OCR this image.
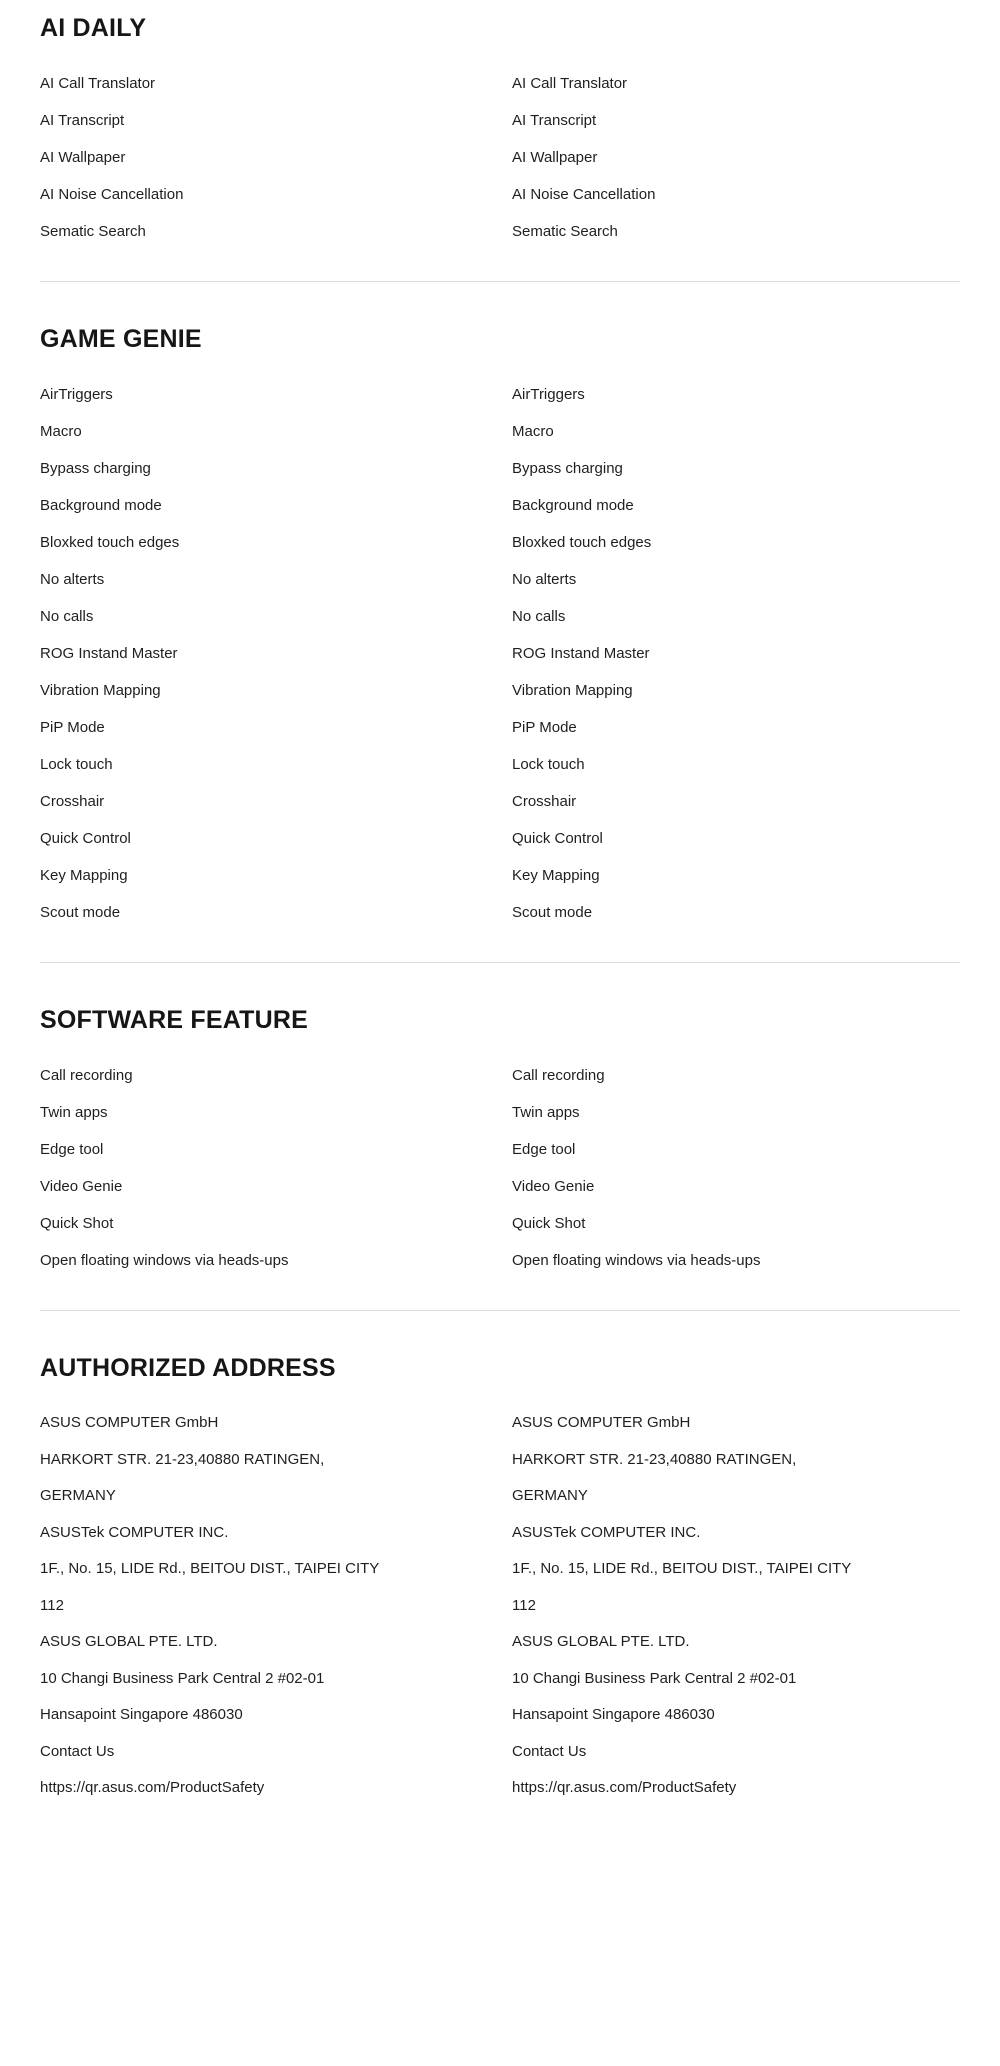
AI DAILY
AI Call Translator
AI Transcript
AI Wallpaper
AI Noise Cancellation
Sematic Search
AI Call Translator
AI Transcript
AI Wallpaper
AI Noise Cancellation
Sematic Search
GAME GENIE
AirTriggers
Macro
Bypass charging
Background mode
Bloxked touch edges
No alterts
No calls
ROG Instand Master
Vibration Mapping
PiP Mode
Lock touch
Crosshair
Quick Control
Key Mapping
Scout mode
AirTriggers
Macro
Bypass charging
Background mode
Bloxked touch edges
No alterts
No calls
ROG Instand Master
Vibration Mapping
PiP Mode
Lock touch
Crosshair
Quick Control
Key Mapping
Scout mode
SOFTWARE FEATURE
Call recording
Twin apps
Edge tool
Video Genie
Quick Shot
Open floating windows via heads-ups
Call recording
Twin apps
Edge tool
Video Genie
Quick Shot
Open floating windows via heads-ups
AUTHORIZED ADDRESS
ASUS COMPUTER GmbH
HARKORT STR. 21-23,40880 RATINGEN,
GERMANY
ASUSTek COMPUTER INC.
1F., No. 15, LIDE Rd., BEITOU DIST., TAIPEI CITY
112
ASUS GLOBAL PTE. LTD.
10 Changi Business Park Central 2 #02-01
Hansapoint Singapore 486030
Contact Us
https://qr.asus.com/ProductSafety
ASUS COMPUTER GmbH
HARKORT STR. 21-23,40880 RATINGEN,
GERMANY
ASUSTek COMPUTER INC.
1F., No. 15, LIDE Rd., BEITOU DIST., TAIPEI CITY
112
ASUS GLOBAL PTE. LTD.
10 Changi Business Park Central 2 #02-01
Hansapoint Singapore 486030
Contact Us
https://qr.asus.com/ProductSafety
